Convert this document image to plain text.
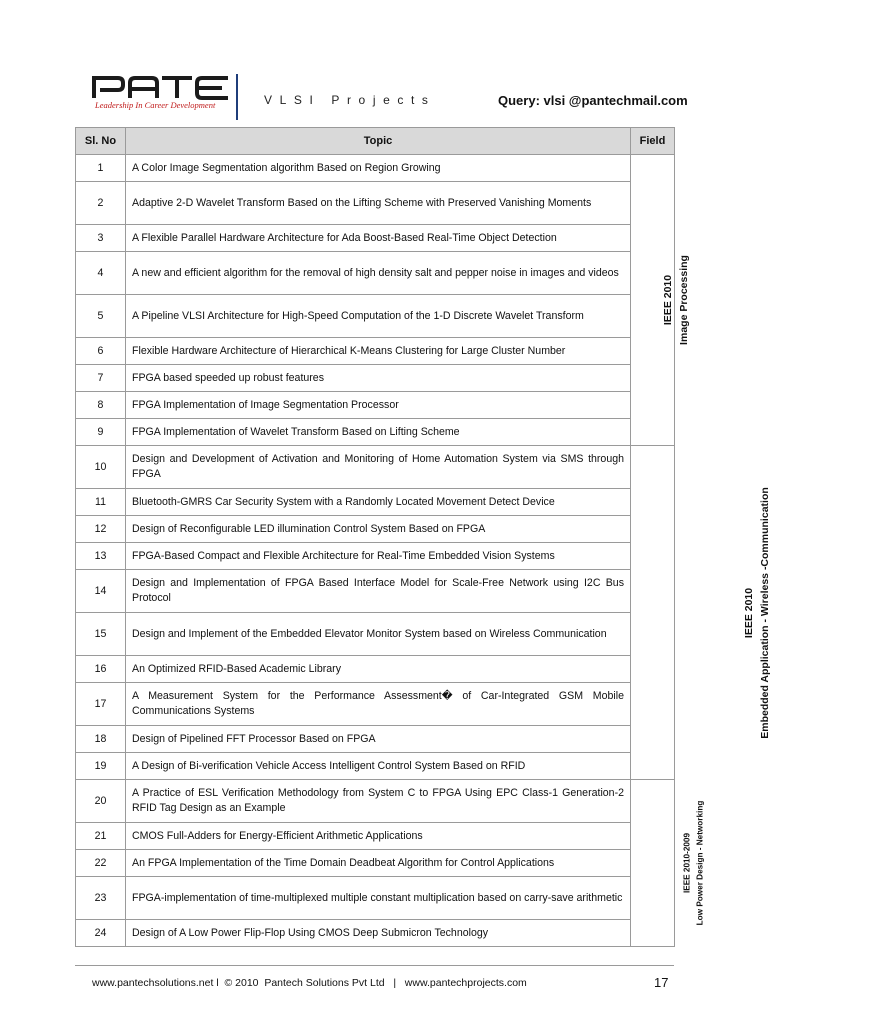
Leadership In Career Development	VLSI Projects	Query: vlsi @pantechmail.com
Sl. No	Topic	Field
1	A Color Image Segmentation algorithm Based on Region Growing	IEEE 2010 Image Processing

2	Adaptive 2-D Wavelet Transform Based on the Lifting Scheme with Preserved Vanishing Moments	
3	A Flexible Parallel Hardware Architecture for Ada Boost-Based Real-Time Object Detection	
4	A new and efficient algorithm for the removal of high density salt and pepper noise in images and videos	
5	A Pipeline VLSI Architecture for High-Speed Computation of the 1-D Discrete Wavelet Transform	
6	Flexible Hardware Architecture of Hierarchical K-Means Clustering for Large Cluster Number	
7	FPGA based speeded up robust features	
8	FPGA Implementation of Image Segmentation Processor	
9	FPGA Implementation of Wavelet Transform Based on Lifting Scheme	
10	Design and Development of Activation and Monitoring of Home Automation System via SMS through FPGA	IEEE 2010 Embedded Application - Wireless -Communication

11	Bluetooth-GMRS Car Security System with a Randomly Located Movement Detect Device	
12	Design of Reconfigurable LED illumination Control System Based on FPGA	
13	FPGA-Based Compact and Flexible Architecture for Real-Time Embedded Vision Systems	
14	Design and Implementation of FPGA Based Interface Model for Scale-Free Network using I2C Bus Protocol	
15	Design and Implement of the Embedded Elevator Monitor System based on Wireless Communication	
16	An Optimized RFID-Based Academic Library	
17	A Measurement System for the Performance Assessment� of Car-Integrated GSM Mobile Communications Systems	
18	Design of Pipelined FFT Processor Based on FPGA	
19	A Design of Bi-verification Vehicle Access Intelligent Control System Based on RFID	
20	A Practice of ESL Verification Methodology from System C to FPGA Using EPC Class-1 Generation-2 RFID Tag Design as an Example	IEEE 2010-2009 Low Power Design - Networking

21	CMOS Full-Adders for Energy-Efficient Arithmetic Applications	
22	An FPGA Implementation of the Time Domain Deadbeat Algorithm for Control Applications	
23	FPGA-implementation of time-multiplexed multiple constant multiplication based on carry-save arithmetic	
24	Design of A Low Power Flip-Flop Using CMOS Deep Submicron Technology	
www.pantechsolutions.net l  © 2010  Pantech Solutions Pvt Ltd   |   www.pantechprojects.com	17
